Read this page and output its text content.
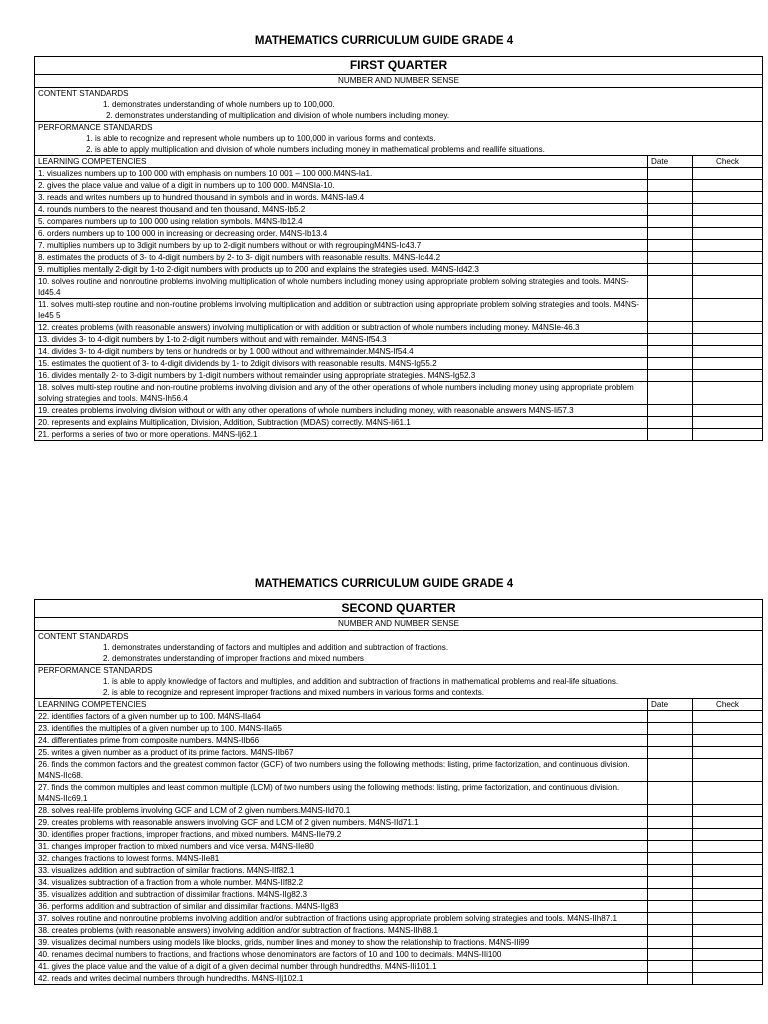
MATHEMATICS CURRICULUM GUIDE GRADE 4
FIRST QUARTER		
NUMBER AND NUMBER SENSE		

CONTENT STANDARDS
1. demonstrates understanding of whole numbers up to 100,000.
2. demonstrates understanding of multiplication and division of whole numbers including money.		

PERFORMANCE STANDARDS
1. is able to recognize and represent whole numbers up to 100,000 in various forms and contexts.
2. is able to apply multiplication and division of whole numbers including money in mathematical problems and reallife situations.		

LEARNING COMPETENCIES	Date	Check
1. visualizes numbers up to 100 000 with emphasis on numbers 10 001 – 100 000.M4NS-Ia1.		
2. gives the place value and value of a digit in numbers up to 100 000. M4NSIa-10.		
3. reads and writes numbers up to hundred thousand in symbols and in words. M4NS-Ia9.4		
4. rounds numbers to the nearest thousand and ten thousand. M4NS-Ib5.2		
5. compares numbers up to 100 000 using relation symbols. M4NS-Ib12.4		
6. orders numbers up to 100 000 in increasing or decreasing order. M4NS-Ib13.4		
7. multiplies numbers up to 3digit numbers by up to 2-digit numbers without or with regroupingM4NS-Ic43.7		
8. estimates the products of 3- to 4-digit numbers by 2- to 3- digit numbers with reasonable results. M4NS-Ic44.2		
9. multiplies mentally 2-digit by 1-to 2-digit numbers with products up to 200 and explains the strategies used. M4NS-Id42.3		
10. solves routine and nonroutine problems involving multiplication of whole numbers including money using appropriate problem solving strategies and tools. M4NS-Id45.4		
11. solves multi-step routine and non-routine problems involving multiplication and addition or subtraction using appropriate problem solving strategies and tools. M4NS-Ie45 5		
12. creates problems (with reasonable answers) involving multiplication or with addition or subtraction of whole numbers including money. M4NSIe-46.3		
13. divides 3- to 4-digit numbers by 1-to 2-digit numbers without and with remainder. M4NS-If54.3		
14. divides 3- to 4-digit numbers by tens or hundreds or by 1 000 without and withremainder.M4NS-If54.4		
15. estimates the quotient of 3- to 4-digit dividends by 1- to 2digit divisors with reasonable results. M4NS-Ig55.2		
16. divides mentally 2- to 3-digit numbers by 1-digit numbers without remainder using appropriate strategies. M4NS-Ig52.3		
18. solves multi-step routine and non-routine problems involving division and any of the other operations of whole numbers including money using appropriate problem solving strategies and tools. M4NS-Ih56.4		
19. creates problems involving division without or with any other operations of whole numbers including money, with reasonable answers M4NS-Ii57.3		
20. represents and explains Multiplication, Division, Addition, Subtraction (MDAS) correctly. M4NS-Ii61.1		
21. performs a series of two or more operations. M4NS-Ij62.1		
MATHEMATICS CURRICULUM GUIDE GRADE 4
SECOND QUARTER		
NUMBER AND NUMBER SENSE		

CONTENT STANDARDS
1. demonstrates understanding of factors and multiples and addition and subtraction of fractions.
2. demonstrates understanding of improper fractions and mixed numbers		

PERFORMANCE STANDARDS
1. is able to apply knowledge of factors and multiples, and addition and subtraction of fractions in mathematical problems and real-life situations.
2. is able to recognize and represent improper fractions and mixed numbers in various forms and contexts.		

LEARNING COMPETENCIES	Date	Check
22. identifies factors of a given number up to 100. M4NS-IIa64		
23. identifies the multiples of a given number up to 100. M4NS-IIa65		
24. differentiates prime from composite numbers. M4NS-IIb66		
25. writes a given number as a product of its prime factors. M4NS-IIb67		
26. finds the common factors and the greatest common factor (GCF) of two numbers using the following methods: listing, prime factorization, and continuous division. M4NS-IIc68.		
27. finds the common multiples and least common multiple (LCM) of two numbers using the following methods: listing, prime factorization, and continuous division. M4NS-IIc69.1		
28. solves real-life problems involving GCF and LCM of 2 given numbers.M4NS-IId70.1		
29. creates problems with reasonable answers involving GCF and LCM of 2 given numbers. M4NS-IId71.1		
30. identifies proper fractions, improper fractions, and mixed numbers. M4NS-IIe79.2		
31. changes improper fraction to mixed numbers and vice versa. M4NS-IIe80		
32. changes fractions to lowest forms. M4NS-IIe81		
33. visualizes addition and subtraction of similar fractions. M4NS-IIf82.1		
34. visualizes subtraction of a fraction from a whole number. M4NS-IIf82.2		
35. visualizes addition and subtraction of dissimilar fractions. M4NS-IIg82.3		
36. performs addition and subtraction of similar and dissimilar fractions. M4NS-IIg83		
37. solves routine and nonroutine problems involving addition and/or subtraction of fractions using appropriate problem solving strategies and tools. M4NS-IIh87.1		
38. creates problems (with reasonable answers) involving addition and/or subtraction of fractions. M4NS-IIh88.1		
39. visualizes decimal numbers using models like blocks, grids, number lines and money to show the relationship to fractions. M4NS-IIi99		
40. renames decimal numbers to fractions, and fractions whose denominators are factors of 10 and 100 to decimals. M4NS-IIi100		
41. gives the place value and the value of a digit of a given decimal number through hundredths. M4NS-IIi101.1		
42. reads and writes decimal numbers through hundredths. M4NS-IIj102.1		
